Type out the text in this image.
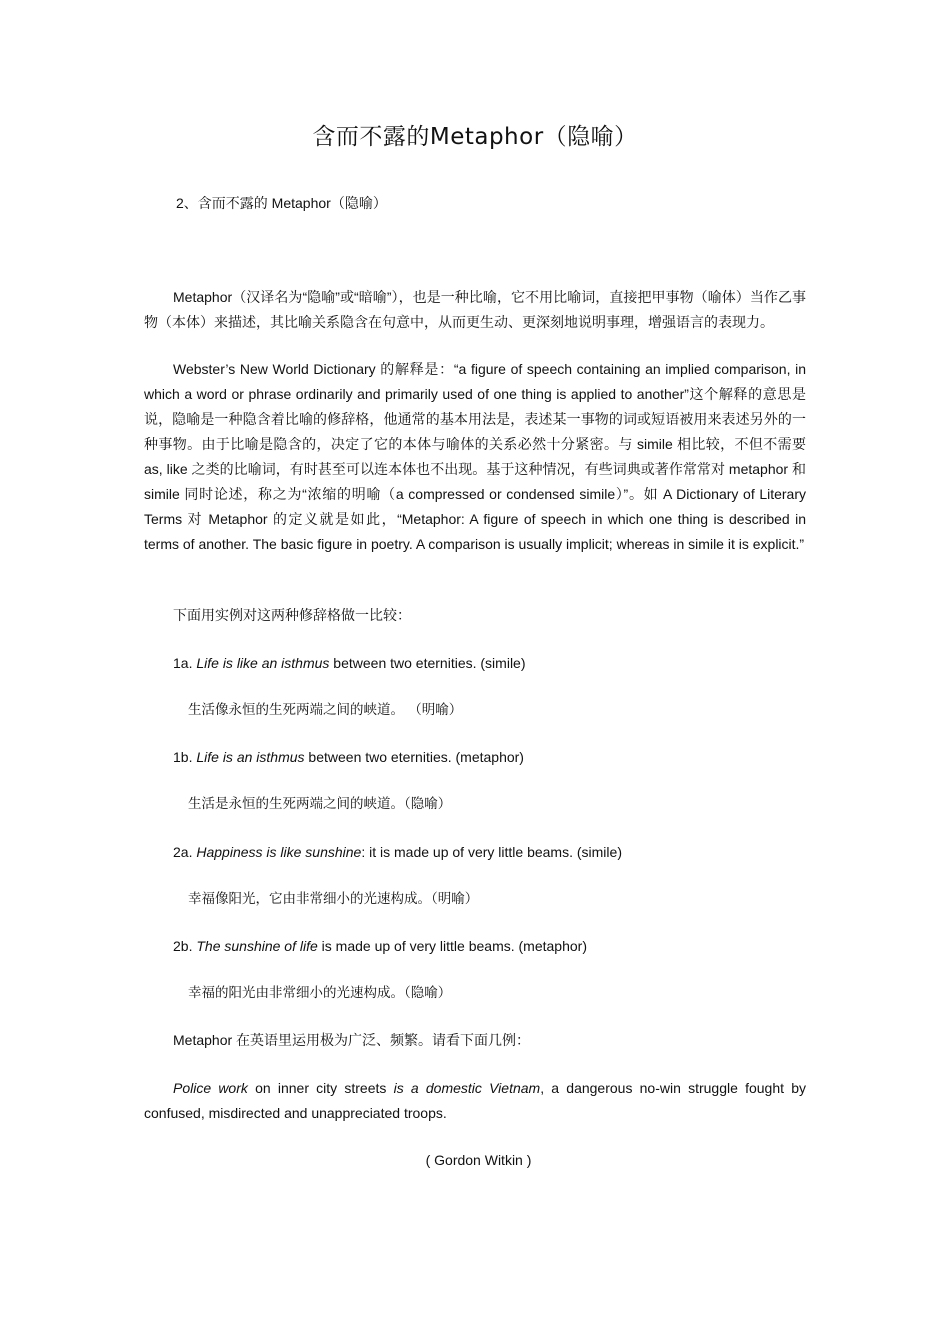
含而不露的Metaphor（隐喻）
2、含而不露的 Metaphor（隐喻）
Metaphor（汉译名为“隐喻”或“暗喻”），也是一种比喻，它不用比喻词，直接把甲事物（喻体）当作乙事物（本体）来描述，其比喻关系隐含在句意中，从而更生动、更深刻地说明事理，增强语言的表现力。
Webster’s New World Dictionary 的解释是：“a figure of speech containing an implied comparison, in which a word or phrase ordinarily and primarily used of one thing is applied to another”这个解释的意思是说，隐喻是一种隐含着比喻的修辞格，他通常的基本用法是，表述某一事物的词或短语被用来表述另外的一种事物。由于比喻是隐含的，决定了它的本体与喻体的关系必然十分紧密。与 simile 相比较，不但不需要 as, like 之类的比喻词，有时甚至可以连本体也不出现。基于这种情况，有些词典或著作常常对 metaphor 和 simile 同时论述，称之为“浓缩的明喻（a compressed or condensed simile）”。如 A Dictionary of Literary Terms 对 Metaphor 的定义就是如此，“Metaphor: A figure of speech in which one thing is described in terms of another. The basic figure in poetry. A comparison is usually implicit; whereas in simile it is explicit.”
下面用实例对这两种修辞格做一比较：
1a. Life is like an isthmus between two eternities. (simile)
生活像永恒的生死两端之间的峡道。 （明喻）
1b. Life is an isthmus between two eternities. (metaphor)
生活是永恒的生死两端之间的峡道。（隐喻）
2a. Happiness is like sunshine: it is made up of very little beams. (simile)
幸福像阳光，它由非常细小的光速构成。（明喻）
2b. The sunshine of life is made up of very little beams. (metaphor)
幸福的阳光由非常细小的光速构成。（隐喻）
Metaphor 在英语里运用极为广泛、频繁。请看下面几例：
Police work on inner city streets is a domestic Vietnam, a dangerous no-win struggle fought by confused, misdirected and unappreciated troops.
( Gordon Witkin )
